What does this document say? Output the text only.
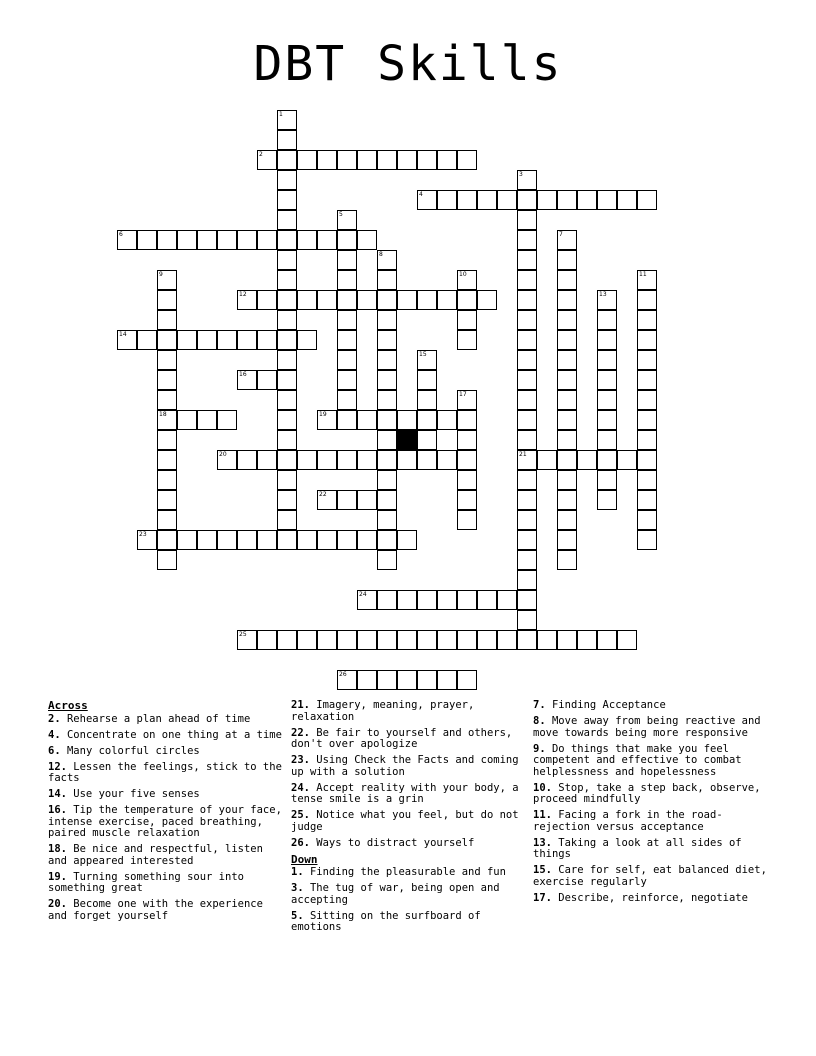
DBT Skills
2
4
6
12
14
16
18	19
20	21
22
23
24
25
26
1
3
5
7
8
9	10	11
13
15
17
Across
2. Rehearse a plan ahead of time
4. Concentrate on one thing at a time
6. Many colorful circles
12. Lessen the feelings, stick to the facts
14. Use your five senses
16. Tip the temperature of your face, intense exercise, paced breathing, paired muscle relaxation
18. Be nice and respectful, listen and appeared interested
19. Turning something sour into something great
20. Become one with the experience and forget yourself
21. Imagery, meaning, prayer, relaxation
22. Be fair to yourself and others, don't over apologize
23. Using Check the Facts and coming up with a solution
24. Accept reality with your body, a tense smile is a grin
25. Notice what you feel, but do not judge
26. Ways to distract yourself
Down
1. Finding the pleasurable and fun
3. The tug of war, being open and accepting
5. Sitting on the surfboard of emotions
7. Finding Acceptance
8. Move away from being reactive and move towards being more responsive
9. Do things that make you feel competent and effective to combat helplessness and hopelessness
10. Stop, take a step back, observe, proceed mindfully
11. Facing a fork in the road- rejection versus acceptance
13. Taking a look at all sides of things
15. Care for self, eat balanced diet, exercise regularly
17. Describe, reinforce, negotiate
